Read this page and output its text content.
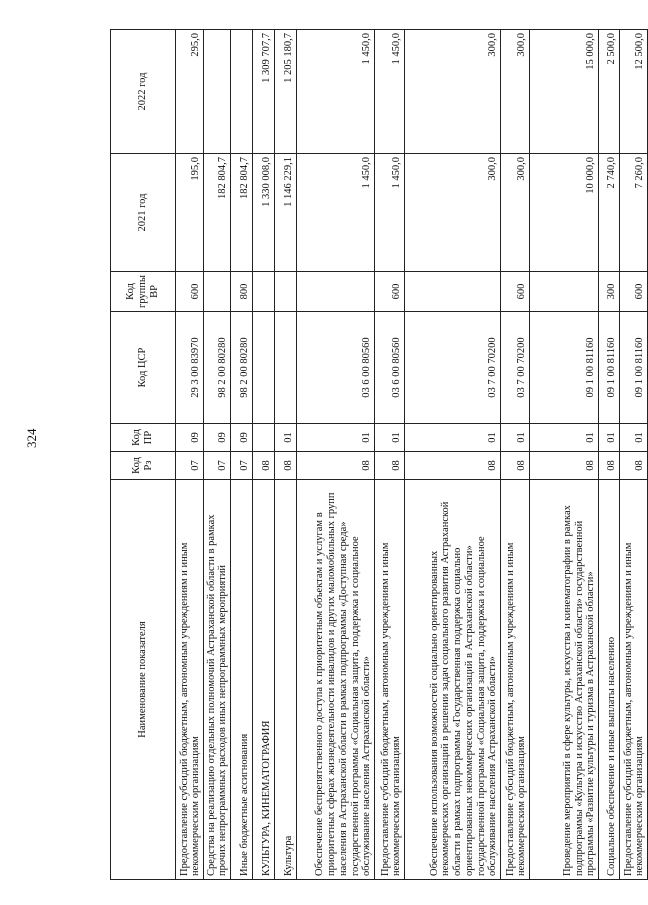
324
Наименование показателя	Код Рз	Код ПР	Код ЦСР	Код группы ВР	2021 год	2022 год
Предоставление субсидий бюджетным, автономным учреждениям и иным некоммерческим организациям	07	09	29 3 00 83970	600	195,0	295,0
Средства на реализацию отдельных полномочий Астраханской области в рамках прочих непрограммных расходов иных непрограммных мероприятий	07	09	98 2 00 80280		182 804,7	
Иные бюджетные ассигнования	07	09	98 2 00 80280	800	182 804,7	
КУЛЬТУРА, КИНЕМАТОГРАФИЯ	08				1 330 008,0	1 309 707,7
Культура	08	01			1 146 229,1	1 205 180,7
Обеспечение беспрепятственного доступа к приоритетным объектам и услугам в приоритетных сферах жизнедеятельности инвалидов и других маломобильных групп населения в Астраханской области в рамках подпрограммы «Доступная среда» государственной программы «Социальная защита, поддержка и социальное обслуживание населения Астраханской области»	08	01	03 6 00 80560		1 450,0	1 450,0
Предоставление субсидий бюджетным, автономным учреждениям и иным некоммерческим организациям	08	01	03 6 00 80560	600	1 450,0	1 450,0
Обеспечение использования возможностей социально ориентированных некоммерческих организаций в решении задач социального развития Астраханской области в рамках подпрограммы «Государственная поддержка социально ориентированных некоммерческих организаций в Астраханской области» государственной программы «Социальная защита, поддержка и социальное обслуживание населения Астраханской области»	08	01	03 7 00 70200		300,0	300,0
Предоставление субсидий бюджетным, автономным учреждениям и иным некоммерческим организациям	08	01	03 7 00 70200	600	300,0	300,0
Проведение мероприятий в сфере культуры, искусства и кинематографии в рамках подпрограммы «Культура и искусство Астраханской области» государственной программы «Развитие культуры и туризма в Астраханской области»	08	01	09 1 00 81160		10 000,0	15 000,0
Социальное обеспечение и иные выплаты населению	08	01	09 1 00 81160	300	2 740,0	2 500,0
Предоставление субсидий бюджетным, автономным учреждениям и иным некоммерческим организациям	08	01	09 1 00 81160	600	7 260,0	12 500,0
